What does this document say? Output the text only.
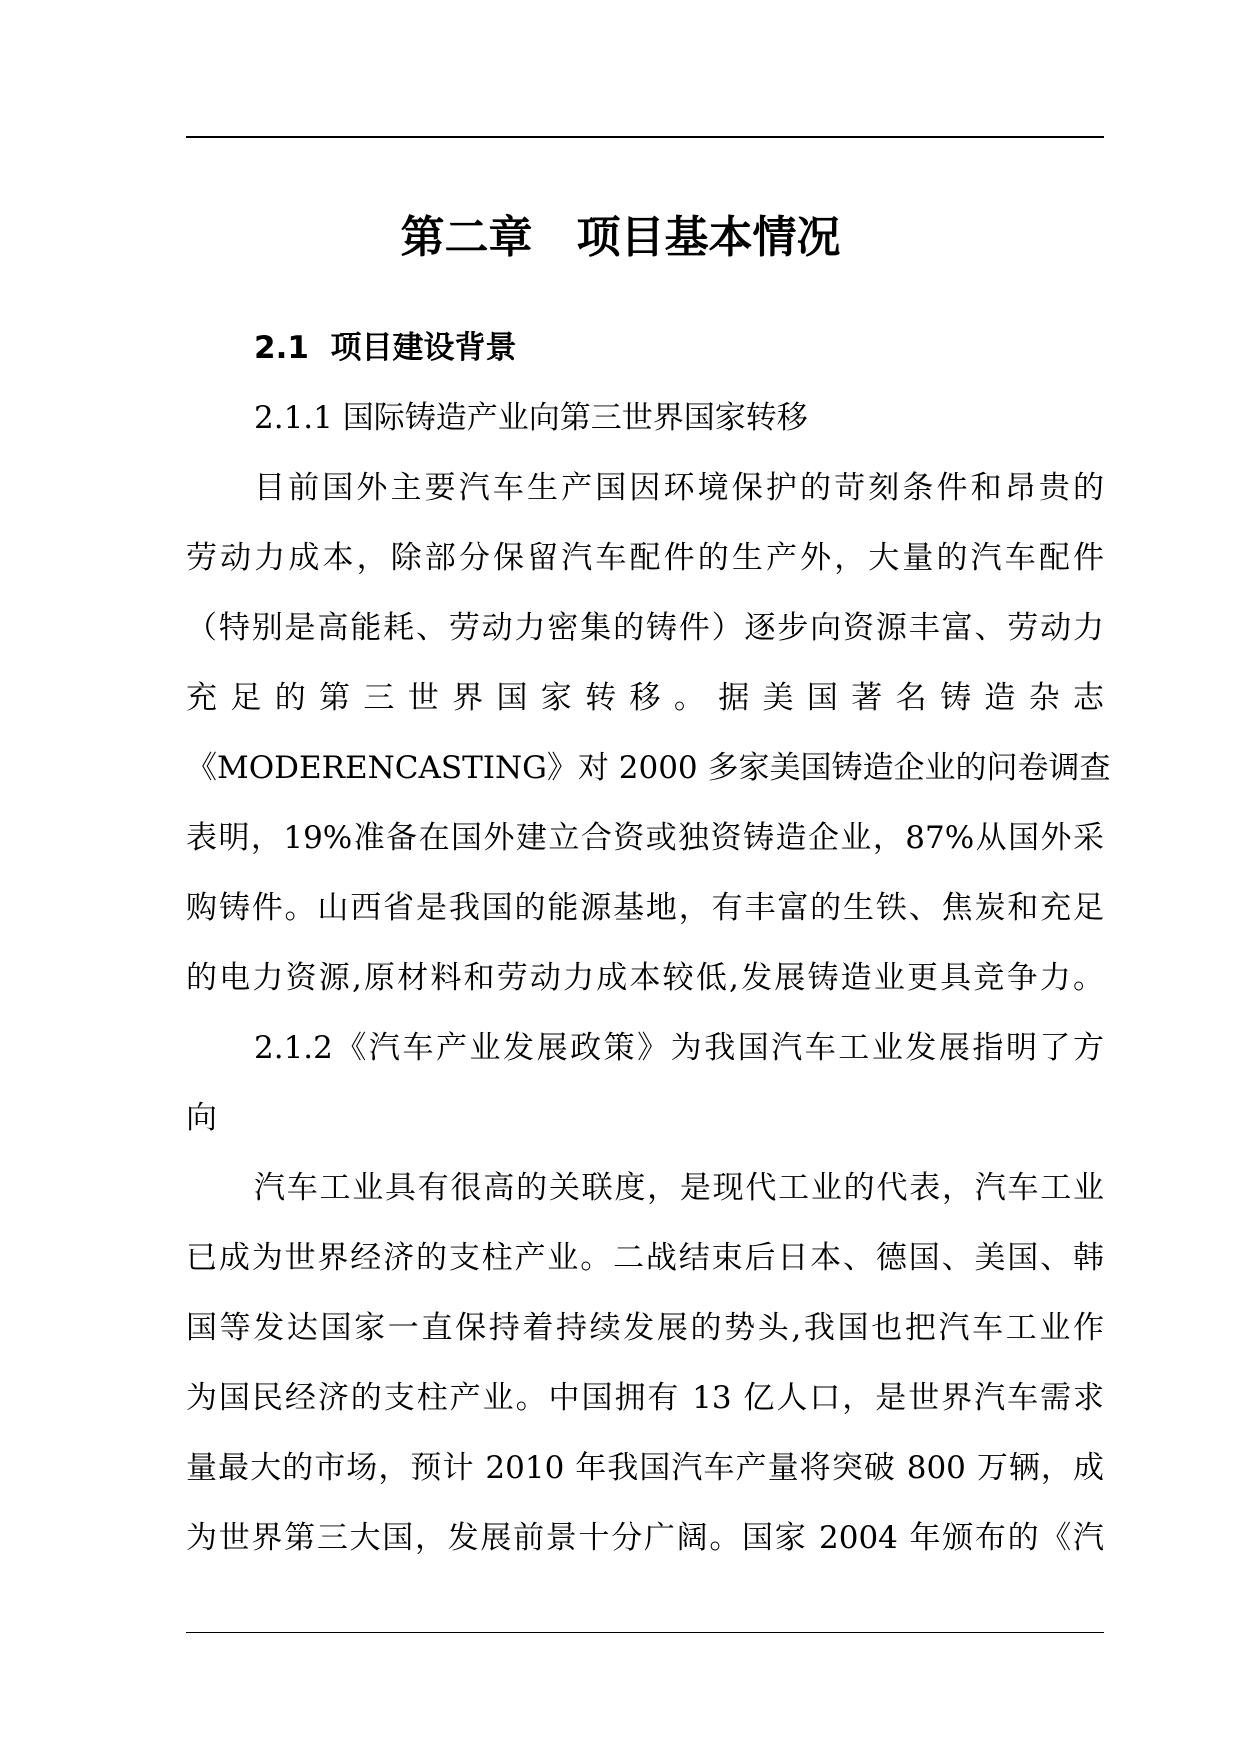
第二章　项目基本情况
2.1  项目建设背景
2.1.1 国际铸造产业向第三世界国家转移
目前国外主要汽车生产国因环境保护的苛刻条件和昂贵的
劳动力成本，除部分保留汽车配件的生产外，大量的汽车配件
（特别是高能耗、劳动力密集的铸件）逐步向资源丰富、劳动力
充 足 的 第 三 世 界 国 家 转 移 。 据 美 国 著 名 铸 造 杂 志
《MODERENCASTING》对 2000 多家美国铸造企业的问卷调查
表明，19%准备在国外建立合资或独资铸造企业，87%从国外采
购铸件。山西省是我国的能源基地，有丰富的生铁、焦炭和充足
的电力资源,原材料和劳动力成本较低,发展铸造业更具竞争力。
2.1.2《汽车产业发展政策》为我国汽车工业发展指明了方
向
汽车工业具有很高的关联度，是现代工业的代表，汽车工业
已成为世界经济的支柱产业。二战结束后日本、德国、美国、韩
国等发达国家一直保持着持续发展的势头,我国也把汽车工业作
为国民经济的支柱产业。中国拥有 13 亿人口，是世界汽车需求
量最大的市场，预计 2010 年我国汽车产量将突破 800 万辆，成
为世界第三大国，发展前景十分广阔。国家 2004 年颁布的《汽
